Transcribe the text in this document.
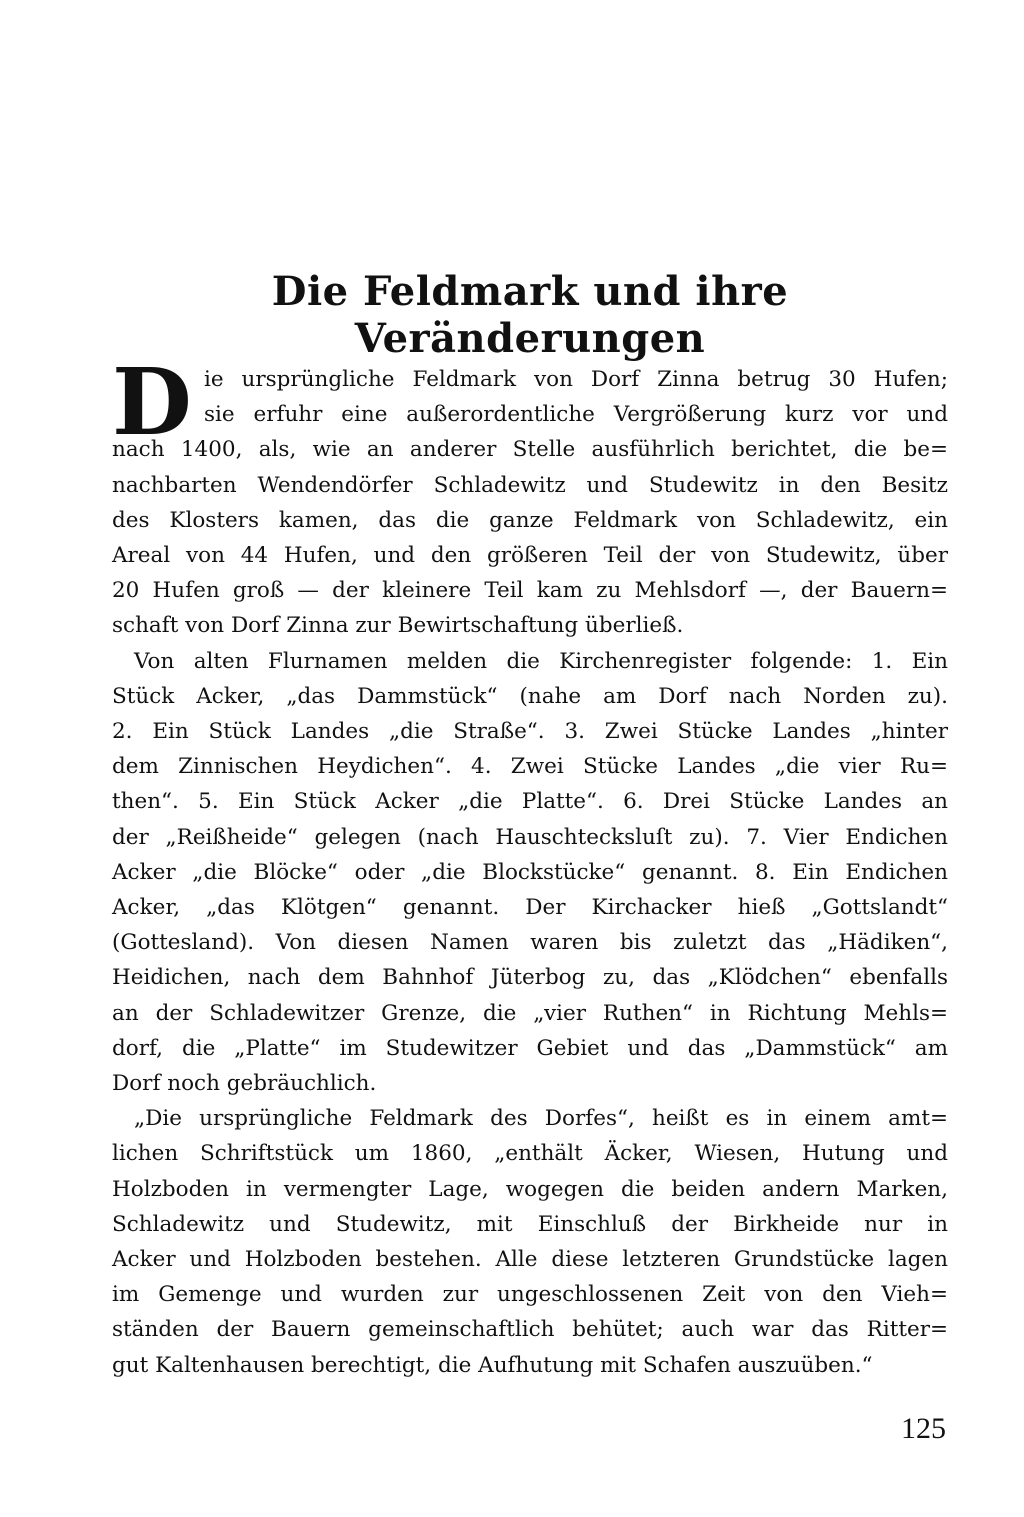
Die Feldmark und ihre Veränderungen
D ie ursprüngliche Feldmark von Dorf Zinna betrug 30 Hufen;
sie erfuhr eine außerordentliche Vergrößerung kurz vor und
nach 1400, als, wie an anderer Stelle ausführlich berichtet, die be=
nachbarten Wendendörfer Schladewitz und Studewitz in den Besitz
des Klosters kamen, das die ganze Feldmark von Schladewitz, ein
Areal von 44 Hufen, und den größeren Teil der von Studewitz, über
20 Hufen groß — der kleinere Teil kam zu Mehlsdorf —, der Bauern=
schaft von Dorf Zinna zur Bewirtschaftung überließ.
Von alten Flurnamen melden die Kirchenregister folgende: 1. Ein
Stück Acker, „das Dammstück“ (nahe am Dorf nach Norden zu).
2. Ein Stück Landes „die Straße“. 3. Zwei Stücke Landes „hinter
dem Zinnischen Heydichen“. 4. Zwei Stücke Landes „die vier Ru=
then“. 5. Ein Stück Acker „die Platte“. 6. Drei Stücke Landes an
der „Reißheide“ gelegen (nach Hauschtecksluſt zu). 7. Vier Endichen
Acker „die Blöcke“ oder „die Blockstücke“ genannt. 8. Ein Endichen
Acker, „das Klötgen“ genannt. Der Kirchacker hieß „Gottslandt“
(Gottesland). Von diesen Namen waren bis zuletzt das „Hädiken“,
Heidichen, nach dem Bahnhof Jüterbog zu, das „Klödchen“ ebenfalls
an der Schladewitzer Grenze, die „vier Ruthen“ in Richtung Mehls=
dorf, die „Platte“ im Studewitzer Gebiet und das „Dammstück“ am
Dorf noch gebräuchlich.
„Die ursprüngliche Feldmark des Dorfes“, heißt es in einem amt=
lichen Schriftstück um 1860, „enthält Äcker, Wiesen, Hutung und
Holzboden in vermengter Lage, wogegen die beiden andern Marken,
Schladewitz und Studewitz, mit Einschluß der Birkheide nur in
Acker und Holzboden bestehen. Alle diese letzteren Grundstücke lagen
im Gemenge und wurden zur ungeschlossenen Zeit von den Vieh=
ständen der Bauern gemeinschaftlich behütet; auch war das Ritter=
gut Kaltenhausen berechtigt, die Aufhutung mit Schafen auszuüben.“
125
